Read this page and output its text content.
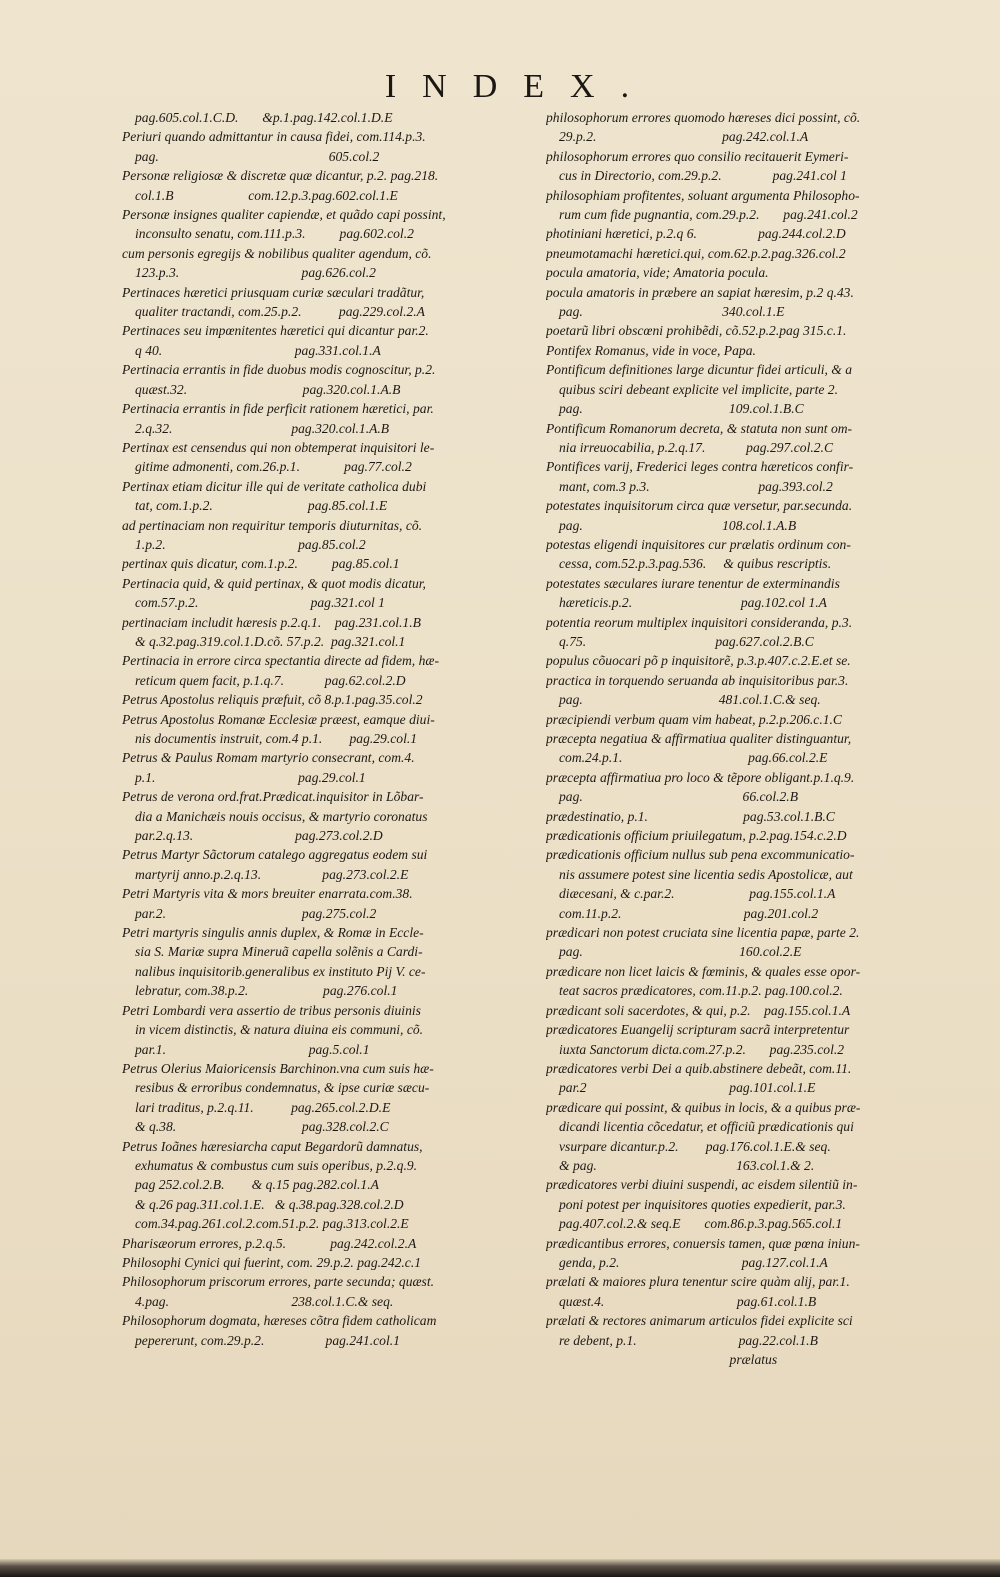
INDEX.
pag.605.col.1.C.D.       &p.1.pag.142.col.1.D.E
Periuri quando admittantur in causa fidei, com.114.p.3.
pag.                                                  605.col.2
Personæ religiosæ & discretæ quæ dicantur, p.2. pag.218.
col.1.B                      com.12.p.3.pag.602.col.1.E
Personæ insignes qualiter capiendæ, et quãdo capi possint,
inconsulto senatu, com.111.p.3.          pag.602.col.2
cum personis egregijs & nobilibus qualiter agendum, cõ.
123.p.3.                                    pag.626.col.2
Pertinaces hæretici priusquam curiæ sæculari tradãtur,
qualiter tractandi, com.25.p.2.           pag.229.col.2.A
Pertinaces seu impœnitentes hæretici qui dicantur par.2.
q 40.                                       pag.331.col.1.A
Pertinacia errantis in fide duobus modis cognoscitur, p.2.
quæst.32.                                  pag.320.col.1.A.B
Pertinacia errantis in fide perficit rationem hæretici, par.
2.q.32.                                   pag.320.col.1.A.B
Pertinax est censendus qui non obtemperat inquisitori le-
gitime admonenti, com.26.p.1.             pag.77.col.2
Pertinax etiam dicitur ille qui de veritate catholica dubi
tat, com.1.p.2.                            pag.85.col.1.E
ad pertinaciam non requiritur temporis diuturnitas, cõ.
1.p.2.                                       pag.85.col.2
pertinax quis dicatur, com.1.p.2.          pag.85.col.1
Pertinacia quid, & quid pertinax, & quot modis dicatur,
com.57.p.2.                                 pag.321.col 1
pertinaciam includit hæresis p.2.q.1.    pag.231.col.1.B
& q.32.pag.319.col.1.D.cõ. 57.p.2.  pag.321.col.1
Pertinacia in errore circa spectantia directe ad fidem, hæ-
reticum quem facit, p.1.q.7.            pag.62.col.2.D
Petrus Apostolus reliquis præfuit, cõ 8.p.1.pag.35.col.2
Petrus Apostolus Romanæ Ecclesiæ præest, eamque diui-
nis documentis instruit, com.4 p.1.        pag.29.col.1
Petrus & Paulus Romam martyrio consecrant, com.4.
p.1.                                          pag.29.col.1
Petrus de verona ord.frat.Prædicat.inquisitor in Lõbar-
dia a Manichæis nouis occisus, & martyrio coronatus
par.2.q.13.                              pag.273.col.2.D
Petrus Martyr Sãctorum catalego aggregatus eodem sui
martyrij anno.p.2.q.13.                  pag.273.col.2.E
Petri Martyris vita & mors breuiter enarrata.com.38.
par.2.                                        pag.275.col.2
Petri martyris singulis annis duplex, & Romæ in Eccle-
sia S. Mariæ supra Mineruã capella solẽnis a Cardi-
nalibus inquisitorib.generalibus ex instituto Pij V. ce-
lebratur, com.38.p.2.                      pag.276.col.1
Petri Lombardi vera assertio de tribus personis diuinis
in vicem distinctis, & natura diuina eis communi, cõ.
par.1.                                          pag.5.col.1
Petrus Olerius Maioricensis Barchinon.vna cum suis hæ-
resibus & erroribus condemnatus, & ipse curiæ sæcu-
lari traditus, p.2.q.11.           pag.265.col.2.D.E
& q.38.                                     pag.328.col.2.C
Petrus Ioãnes hæresiarcha caput Begardorũ damnatus,
exhumatus & combustus cum suis operibus, p.2.q.9.
pag 252.col.2.B.        & q.15 pag.282.col.1.A
& q.26 pag.311.col.1.E.   & q.38.pag.328.col.2.D
com.34.pag.261.col.2.com.51.p.2. pag.313.col.2.E
Pharisæorum errores, p.2.q.5.             pag.242.col.2.A
Philosophi Cynici qui fuerint, com. 29.p.2. pag.242.c.1
Philosophorum priscorum errores, parte secunda; quæst.
4.pag.                                    238.col.1.C.& seq.
Philosophorum dogmata, hæreses cõtra fidem catholicam
pepererunt, com.29.p.2.                  pag.241.col.1
philosophorum errores quomodo hæreses dici possint, cõ.
29.p.2.                                     pag.242.col.1.A
philosophorum errores quo consilio recitauerit Eymeri-
cus in Directorio, com.29.p.2.               pag.241.col 1
philosophiam profitentes, soluant argumenta Philosopho-
rum cum fide pugnantia, com.29.p.2.       pag.241.col.2
photiniani hæretici, p.2.q 6.                  pag.244.col.2.D
pneumotamachi hæretici.qui, com.62.p.2.pag.326.col.2
pocula amatoria, vide; Amatoria pocula.
pocula amatoris in præbere an sapiat hæresim, p.2 q.43.
pag.                                         340.col.1.E
poetarũ libri obscœni prohibẽdi, cõ.52.p.2.pag 315.c.1.
Pontifex Romanus, vide in voce, Papa.
Pontificum definitiones large dicuntur fidei articuli, & a
quibus sciri debeant explicite vel implicite, parte 2.
pag.                                           109.col.1.B.C
Pontificum Romanorum decreta, & statuta non sunt om-
nia irreuocabilia, p.2.q.17.            pag.297.col.2.C
Pontifices varij, Frederici leges contra hæreticos confir-
mant, com.3 p.3.                                pag.393.col.2
potestates inquisitorum circa quæ versetur, par.secunda.
pag.                                         108.col.1.A.B
potestas eligendi inquisitores cur prælatis ordinum con-
cessa, com.52.p.3.pag.536.     & quibus rescriptis.
potestates sæculares iurare tenentur de exterminandis
hæreticis.p.2.                                pag.102.col 1.A
potentia reorum multiplex inquisitori consideranda, p.3.
q.75.                                      pag.627.col.2.B.C
populus cõuocari põ p inquisitorẽ, p.3.p.407.c.2.E.et se.
practica in torquendo seruanda ab inquisitoribus par.3.
pag.                                        481.col.1.C.& seq.
præcipiendi verbum quam vim habeat, p.2.p.206.c.1.C
præcepta negatiua & affirmatiua qualiter distinguantur,
com.24.p.1.                                     pag.66.col.2.E
præcepta affirmatiua pro loco & tẽpore obligant.p.1.q.9.
pag.                                               66.col.2.B
prædestinatio, p.1.                            pag.53.col.1.B.C
prædicationis officium priuilegatum, p.2.pag.154.c.2.D
prædicationis officium nullus sub pena excommunicatio-
nis assumere potest sine licentia sedis Apostolicæ, aut
diæcesani, & c.par.2.                      pag.155.col.1.A
com.11.p.2.                                    pag.201.col.2
prædicari non potest cruciata sine licentia papæ, parte 2.
pag.                                              160.col.2.E
prædicare non licet laicis & fœminis, & quales esse opor-
teat sacros prædicatores, com.11.p.2. pag.100.col.2.
prædicant soli sacerdotes, & qui, p.2.    pag.155.col.1.A
prædicatores Euangelij scripturam sacrã interpretentur
iuxta Sanctorum dicta.com.27.p.2.       pag.235.col.2
prædicatores verbi Dei a quib.abstinere debeãt, com.11.
par.2                                          pag.101.col.1.E
prædicare qui possint, & quibus in locis, & a quibus præ-
dicandi licentia cõcedatur, et officiũ prædicationis qui
vsurpare dicantur.p.2.        pag.176.col.1.E.& seq.
& pag.                                         163.col.1.& 2.
prædicatores verbi diuini suspendi, ac eisdem silentiũ in-
poni potest per inquisitores quoties expedierit, par.3.
pag.407.col.2.& seq.E       com.86.p.3.pag.565.col.1
prædicantibus errores, conuersis tamen, quæ pœna iniun-
genda, p.2.                                    pag.127.col.1.A
prælati & maiores plura tenentur scire quàm alij, par.1.
quæst.4.                                       pag.61.col.1.B
prælati & rectores animarum articulos fidei explicite sci
re debent, p.1.                              pag.22.col.1.B
prælatus
